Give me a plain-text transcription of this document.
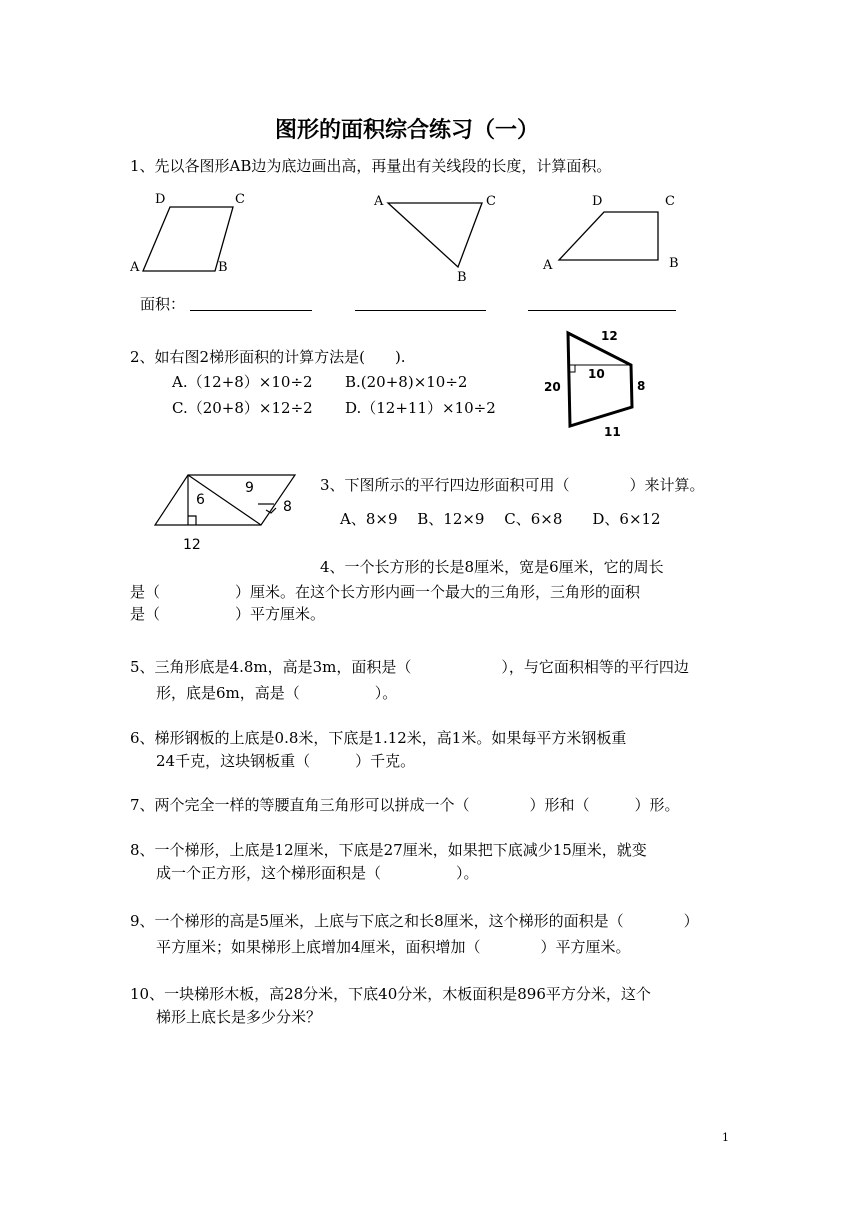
图形的面积综合练习（一）
1、先以各图形AB边为底边画出高，再量出有关线段的长度，计算面积。
D	C
A	B
A	C
B
D	C
A	B
面积：
2、如右图2梯形面积的计算方法是(　　).
A.（12+8）×10÷2 B.(20+8)×10÷2
C.（20+8）×12÷2 D.（12+11）×10÷2
12
20
10
8
11
6
9
8
12
3、下图所示的平行四边形面积可用（　　　　）来计算。
A、8×9　 B、12×9　 C、6×8　　D、6×12
4、一个长方形的长是8厘米，宽是6厘米，它的周长
是（　　　　　）厘米。在这个长方形内画一个最大的三角形，三角形的面积
是（　　　　　）平方厘米。
5、三角形底是4.8m，高是3m，面积是（　　　　　　），与它面积相等的平行四边
形，底是6m，高是（　　　　　）。
6、梯形钢板的上底是0.8米，下底是1.12米，高1米。如果每平方米钢板重
24千克，这块钢板重（　　　）千克。
7、两个完全一样的等腰直角三角形可以拼成一个（　　　　）形和（　　　）形。
8、一个梯形，上底是12厘米，下底是27厘米，如果把下底减少15厘米，就变
成一个正方形，这个梯形面积是（　　　　　）。
9、一个梯形的高是5厘米，上底与下底之和长8厘米，这个梯形的面积是（　　　　）
平方厘米；如果梯形上底增加4厘米，面积增加（　　　　）平方厘米。
10、一块梯形木板，高28分米，下底40分米，木板面积是896平方分米，这个
梯形上底长是多少分米？
1
